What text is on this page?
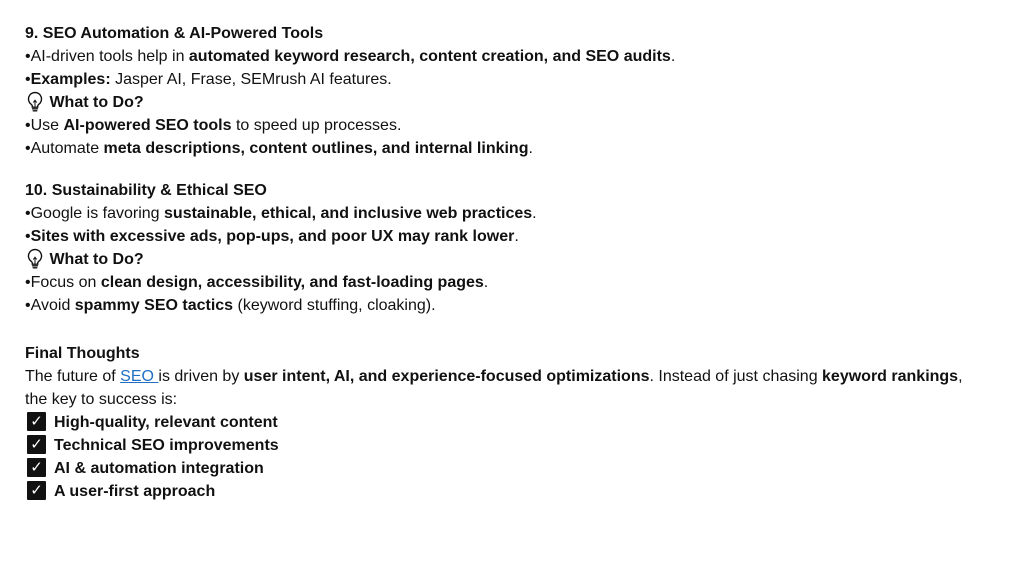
9. SEO Automation & AI-Powered Tools
•AI-driven tools help in automated keyword research, content creation, and SEO audits.
•Examples: Jasper AI, Frase, SEMrush AI features.
What to Do?
•Use AI-powered SEO tools to speed up processes.
•Automate meta descriptions, content outlines, and internal linking.
10. Sustainability & Ethical SEO
•Google is favoring sustainable, ethical, and inclusive web practices.
•Sites with excessive ads, pop-ups, and poor UX may rank lower.
What to Do?
•Focus on clean design, accessibility, and fast-loading pages.
•Avoid spammy SEO tactics (keyword stuffing, cloaking).
Final Thoughts
The future of SEO is driven by user intent, AI, and experience-focused optimizations. Instead of just chasing keyword rankings, the key to success is:
✓ High-quality, relevant content
✓ Technical SEO improvements
✓ AI & automation integration
✓ A user-first approach
